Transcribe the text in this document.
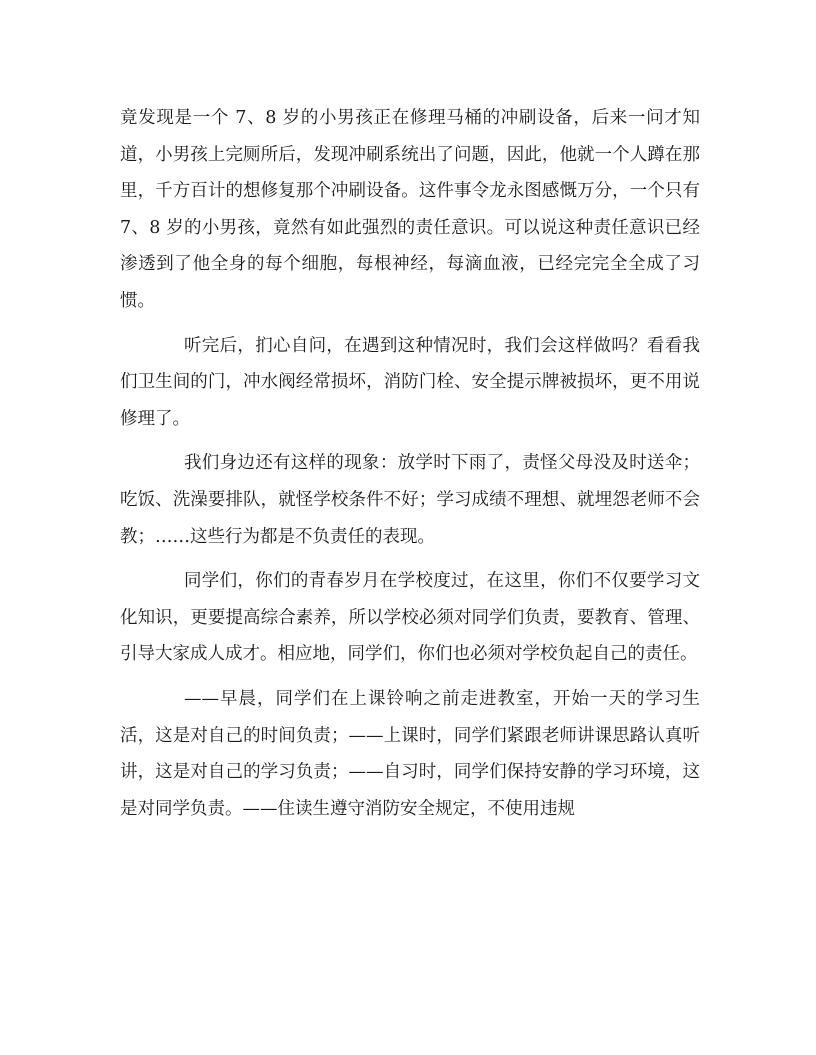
竟发现是一个 7、8 岁的小男孩正在修理马桶的冲刷设备，后来一问才知道，小男孩上完厕所后，发现冲刷系统出了问题，因此，他就一个人蹲在那里，千方百计的想修复那个冲刷设备。这件事令龙永图感慨万分，一个只有 7、8 岁的小男孩，竟然有如此强烈的责任意识。可以说这种责任意识已经渗透到了他全身的每个细胞，每根神经，每滴血液，已经完完全全成了习惯。

听完后，扪心自问，在遇到这种情况时，我们会这样做吗？看看我们卫生间的门，冲水阀经常损坏，消防门栓、安全提示牌被损坏，更不用说修理了。

我们身边还有这样的现象：放学时下雨了，责怪父母没及时送伞；吃饭、洗澡要排队，就怪学校条件不好；学习成绩不理想、就埋怨老师不会教；……这些行为都是不负责任的表现。

同学们，你们的青春岁月在学校度过，在这里，你们不仅要学习文化知识，更要提高综合素养，所以学校必须对同学们负责，要教育、管理、引导大家成人成才。相应地，同学们，你们也必须对学校负起自己的责任。

——早晨，同学们在上课铃响之前走进教室，开始一天的学习生活，这是对自己的时间负责；——上课时，同学们紧跟老师讲课思路认真听讲，这是对自己的学习负责；——自习时，同学们保持安静的学习环境，这是对同学负责。——住读生遵守消防安全规定，不使用违规
